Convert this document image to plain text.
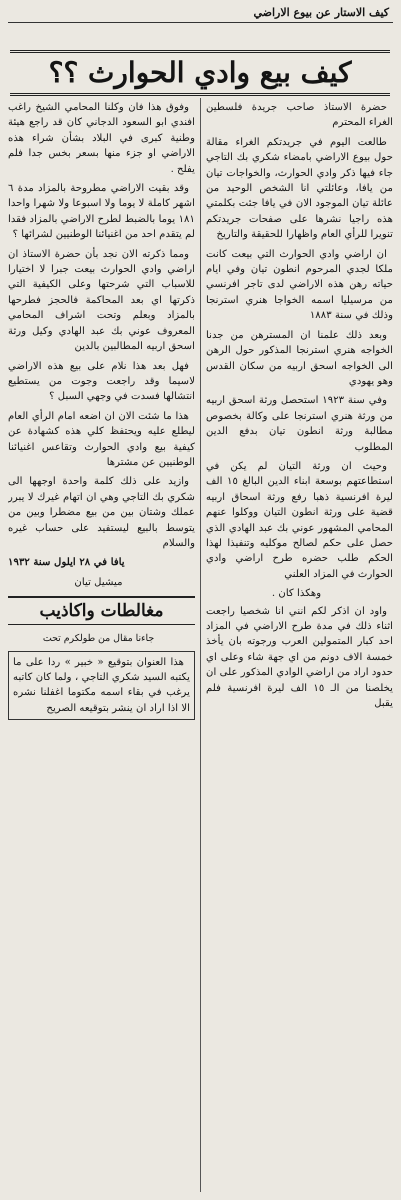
كيف الاستار عن بيوع الاراضي
كيف بيع وادي الحوارث ؟؟

حضرة الاستاذ صاحب جريدة فلسطين الغراء المحترم

طالعت اليوم في جريدتكم الغراء مقالة حول بيوع الاراضي بامضاء شكري بك التاجي جاء فيها ذكر وادي الحوارث، والخواجات تيان من يافا، وعائلتي انا الشخص الوحيد من عائلة تيان الموجود الان في يافا جئت بكلمتي هذه راجيا نشرها على صفحات جريدتكم تنويرا للرأي العام واظهارا للحقيقة والتاريخ

ان اراضي وادي الحوارث التي بيعت كانت ملكا لجدي المرحوم انطون تيان وفي ايام حياته رهن هذه الاراضي لدى تاجر افرنسي من مرسيليا اسمه الخواجا هنري استرنجا وذلك في سنة ١٨٨٣

وبعد ذلك علمنا ان المسترهن من جدنا الخواجه هنري استرنجا المذكور حول الرهن الى الخواجه اسحق اربيه من سكان القدس وهو يهودي

وفي سنة ١٩٢٣ استحصل ورثة اسحق اربيه من ورثة هنري استرنجا على وكالة بخصوص مطالبة ورثة انطون تيان بدفع الدين المطلوب

وحيث ان ورثة التيان لم يكن في استطاعتهم بوسعة ابناء الدين البالغ ١٥ الف ليرة افرنسية ذهبا رفع ورثة اسحاق اربيه قضية على ورثة انطون التيان ووكلوا عنهم المحامي المشهور عوني بك عبد الهادي الذي حصل على حكم لصالح موكليه وتنفيذا لهذا الحكم طلب حضره طرح اراضي وادي الحوارث في المزاد العلني

وهكذا كان .

واود ان اذكر لكم انني انا شخصيا راجعت اثناء ذلك في مدة طرح الاراضي في المزاد احد كبار المتمولين العرب ورجوته بان يأخذ خمسة الاف دونم من اي جهة شاء وعلى اي حدود اراد من اراضي الوادي المذكور على ان يخلصنا من الـ ١٥ الف ليرة افرنسية فلم يقبل

وفوق هذا فان وكلنا المحامي الشيخ راغب افندي ابو السعود الدجاني كان قد راجع هيئة وطنية كبرى في البلاد بشأن شراء هذه الاراضي او جزء منها بسعر بخس جدا فلم يفلح .

وقد بقيت الاراضي مطروحة بالمزاد مدة ٦ اشهر كاملة لا يوما ولا اسبوعا ولا شهرا واحدا ١٨١ يوما بالضبط لطرح الاراضي بالمزاد فقدا لم يتقدم احد من اغنيائنا الوطنيين لشرائها ؟

ومما ذكرته الان نجد بأن حضرة الاستاذ ان اراضي وادي الحوارث بيعت جبرا لا اختيارا للاسباب التي شرحتها وعلى الكيفية التي ذكرتها اي بعد المحاكمة فالحجز فطرحها بالمزاد وبعلم وتحت اشراف المحامي المعروف عوني بك عبد الهادي وكيل ورثة اسحق اربيه المطالبين بالدين

فهل بعد هذا نلام على بيع هذه الاراضي لاسيما وقد راجعت وجوت من يستطيع انتشالها فسدت في وجهي السبل ؟

هذا ما شئت الان ان اضعه امام الرأي العام ليطلع عليه ويحتفظ كلي هذه كشهادة عن كيفية بيع وادي الحوارث وتقاعس اغنيائنا الوطنيين عن مشترها

وازيد على ذلك كلمة واحدة اوجهها الى شكري بك التاجي وهي ان اتهام غيرك لا يبرر عملك وشتان بين من بيع مضطرا وبين من يتوسط بالبيع ليستفيد على حساب غيره والسلام

يافا في ٢٨ ايلول سنة ١٩٣٢

ميشيل تيان

مغالطات واكاذيب

جاءنا مقال من طولكرم تحت

هذا العنوان بتوقيع « خبير » ردا على ما يكتبه السيد شكري التاجي ، ولما كان كاتبه يرغب في بقاء اسمه مكتوما اغفلنا نشره الا اذا اراد ان ينشر بتوقيعه الصريح
